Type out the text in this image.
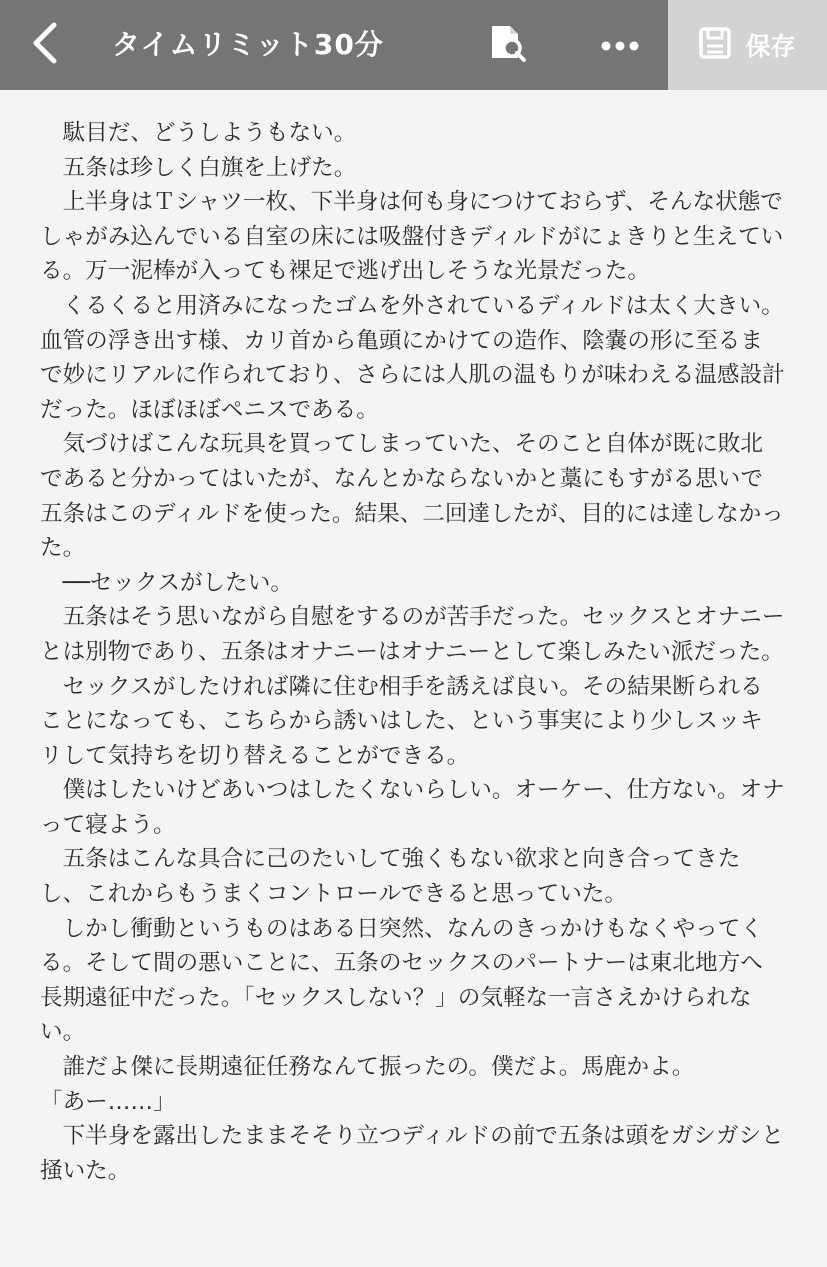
タイムリミット30分	保存

駄目だ、どうしようもない。

五条は珍しく白旗を上げた。

上半身はＴシャツ一枚、下半身は何も身につけておらず、そんな状態でしゃがみ込んでいる自室の床には吸盤付きディルドがにょきりと生えている。万一泥棒が入っても裸足で逃げ出しそうな光景だった。

くるくると用済みになったゴムを外されているディルドは太く大きい。血管の浮き出す様、カリ首から亀頭にかけての造作、陰嚢の形に至るまで妙にリアルに作られており、さらには人肌の温もりが味わえる温感設計だった。ほぼほぼペニスである。

気づけばこんな玩具を買ってしまっていた、そのこと自体が既に敗北であると分かってはいたが、なんとかならないかと藁にもすがる思いで五条はこのディルドを使った。結果、二回達したが、目的には達しなかった。

──セックスがしたい。

五条はそう思いながら自慰をするのが苦手だった。セックスとオナニーとは別物であり、五条はオナニーはオナニーとして楽しみたい派だった。

セックスがしたければ隣に住む相手を誘えば良い。その結果断られることになっても、こちらから誘いはした、という事実により少しスッキリして気持ちを切り替えることができる。

僕はしたいけどあいつはしたくないらしい。オーケー、仕方ない。オナって寝よう。

五条はこんな具合に己のたいして強くもない欲求と向き合ってきたし、これからもうまくコントロールできると思っていた。

しかし衝動というものはある日突然、なんのきっかけもなくやってくる。そして間の悪いことに、五条のセックスのパートナーは東北地方へ長期遠征中だった。「セックスしない？」の気軽な一言さえかけられない。

誰だよ傑に長期遠征任務なんて振ったの。僕だよ。馬鹿かよ。

「あー……」

下半身を露出したままそそり立つディルドの前で五条は頭をガシガシと掻いた。
